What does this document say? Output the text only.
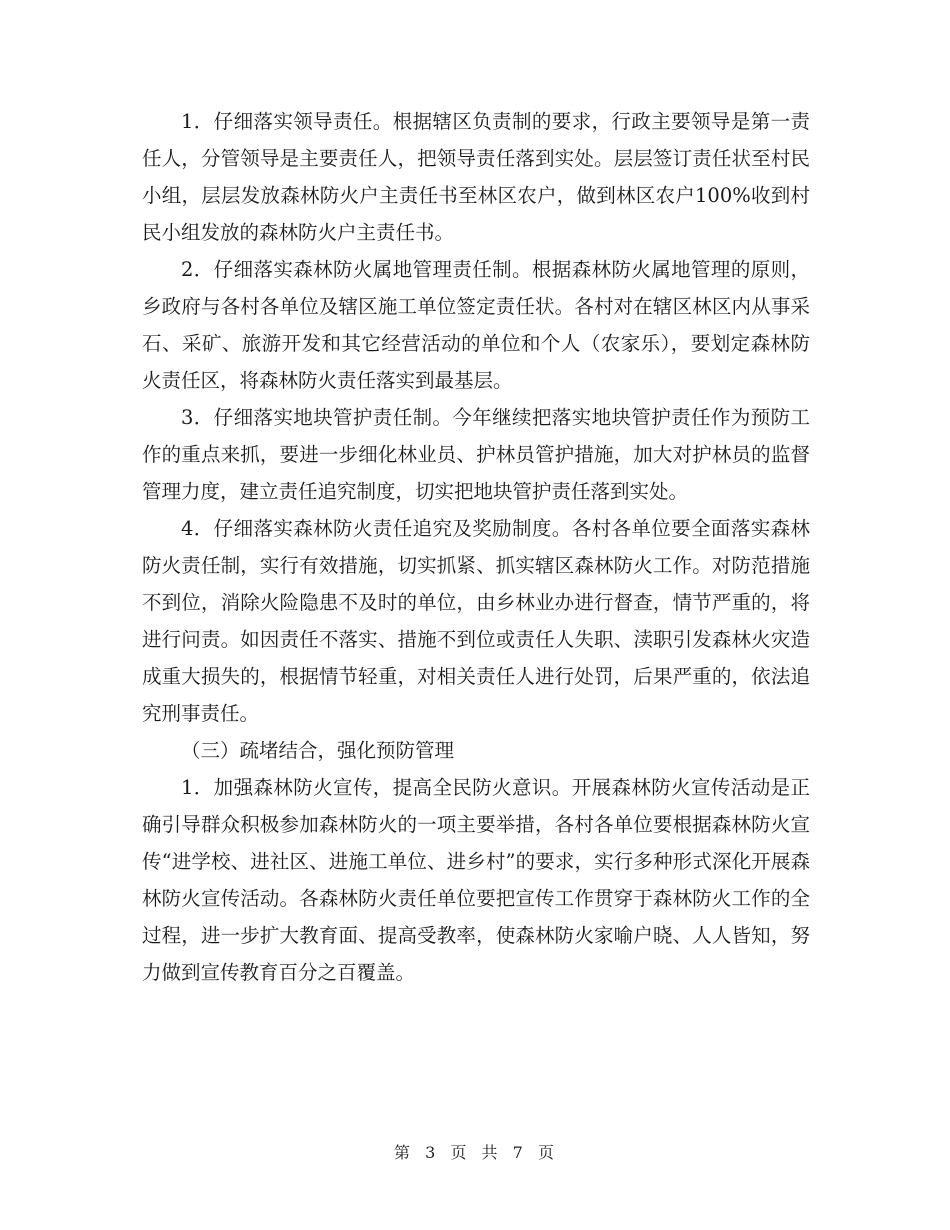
1．仔细落实领导责任。根据辖区负责制的要求，行政主要领导是第一责任人，分管领导是主要责任人，把领导责任落到实处。层层签订责任状至村民小组，层层发放森林防火户主责任书至林区农户，做到林区农户100%收到村民小组发放的森林防火户主责任书。

2．仔细落实森林防火属地管理责任制。根据森林防火属地管理的原则，乡政府与各村各单位及辖区施工单位签定责任状。各村对在辖区林区内从事采石、采矿、旅游开发和其它经营活动的单位和个人（农家乐），要划定森林防火责任区，将森林防火责任落实到最基层。

3．仔细落实地块管护责任制。今年继续把落实地块管护责任作为预防工作的重点来抓，要进一步细化林业员、护林员管护措施，加大对护林员的监督管理力度，建立责任追究制度，切实把地块管护责任落到实处。

4．仔细落实森林防火责任追究及奖励制度。各村各单位要全面落实森林防火责任制，实行有效措施，切实抓紧、抓实辖区森林防火工作。对防范措施不到位，消除火险隐患不及时的单位，由乡林业办进行督查，情节严重的，将进行问责。如因责任不落实、措施不到位或责任人失职、渎职引发森林火灾造成重大损失的，根据情节轻重，对相关责任人进行处罚，后果严重的，依法追究刑事责任。

（三）疏堵结合，强化预防管理

1．加强森林防火宣传，提高全民防火意识。开展森林防火宣传活动是正确引导群众积极参加森林防火的一项主要举措，各村各单位要根据森林防火宣传“进学校、进社区、进施工单位、进乡村”的要求，实行多种形式深化开展森林防火宣传活动。各森林防火责任单位要把宣传工作贯穿于森林防火工作的全过程，进一步扩大教育面、提高受教率，使森林防火家喻户晓、人人皆知，努力做到宣传教育百分之百覆盖。

第 3 页 共 7 页
